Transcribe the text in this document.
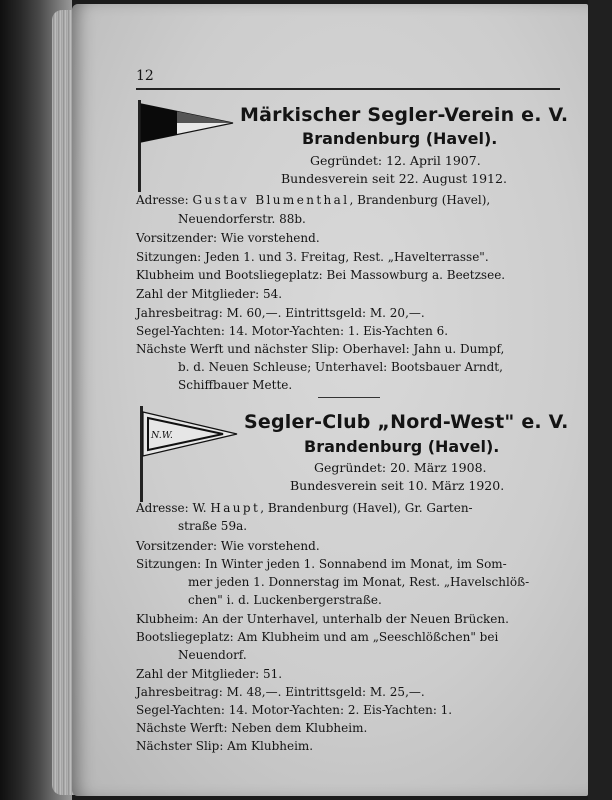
12
Märkischer Segler-Verein e. V.
Brandenburg (Havel).
Gegründet: 12. April 1907.
Bundesverein seit 22. August 1912.
Adresse: Gustav Blumenthal, Brandenburg (Havel),
Neuendorferstr. 88b.
Vorsitzender: Wie vorstehend.
Sitzungen: Jeden 1. und 3. Freitag, Rest. „Havelterrasse".
Klubheim und Bootsliegeplatz: Bei Massowburg a. Beetzsee.
Zahl der Mitglieder: 54.
Jahresbeitrag: M. 60,—. Eintrittsgeld: M. 20,—.
Segel-Yachten: 14. Motor-Yachten: 1. Eis-Yachten 6.
Nächste Werft und nächster Slip: Oberhavel: Jahn u. Dumpf,
b. d. Neuen Schleuse; Unterhavel: Bootsbauer Arndt,
Schiffbauer Mette.
N.W.
Segler-Club „Nord-West" e. V.
Brandenburg (Havel).
Gegründet: 20. März 1908.
Bundesverein seit 10. März 1920.
Adresse: W. Haupt, Brandenburg (Havel), Gr. Garten-
straße 59a.
Vorsitzender: Wie vorstehend.
Sitzungen: In Winter jeden 1. Sonnabend im Monat, im Som-
mer jeden 1. Donnerstag im Monat, Rest. „Havelschlöß-
chen" i. d. Luckenbergerstraße.
Klubheim: An der Unterhavel, unterhalb der Neuen Brücken.
Bootsliegeplatz: Am Klubheim und am „Seeschlößchen" bei
Neuendorf.
Zahl der Mitglieder: 51.
Jahresbeitrag: M. 48,—. Eintrittsgeld: M. 25,—.
Segel-Yachten: 14. Motor-Yachten: 2. Eis-Yachten: 1.
Nächste Werft: Neben dem Klubheim.
Nächster Slip: Am Klubheim.
